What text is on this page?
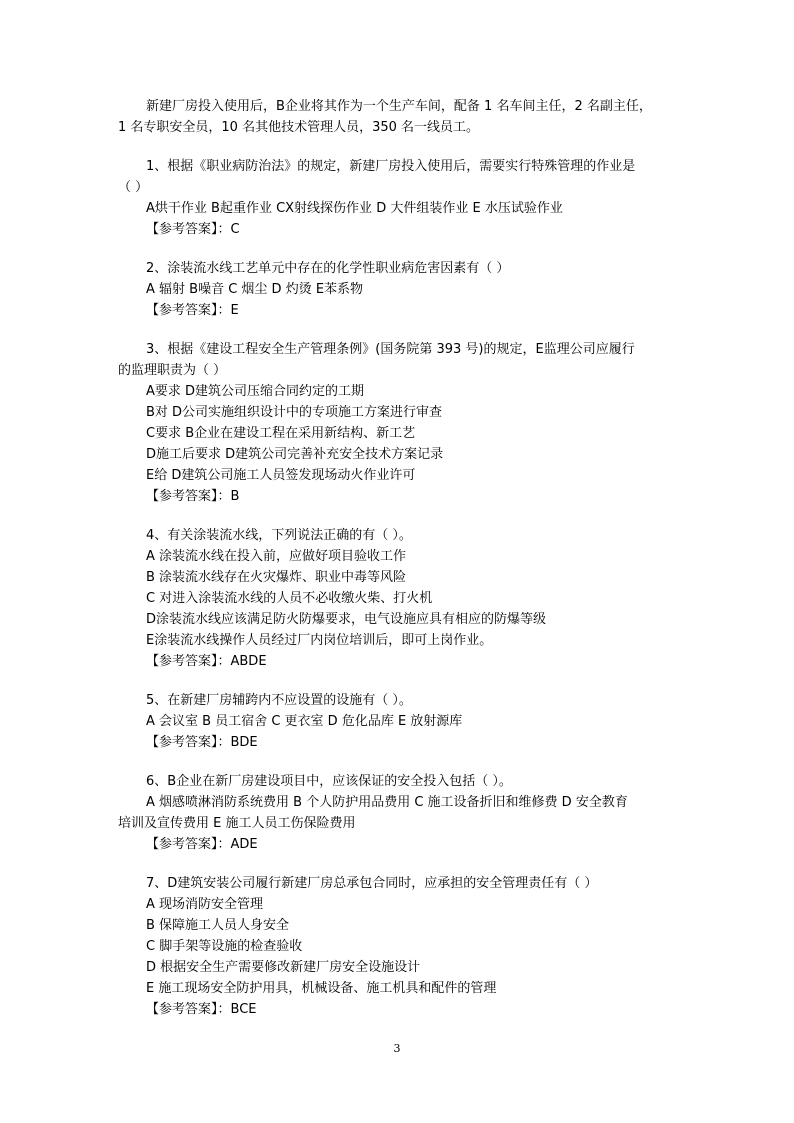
新建厂房投入使用后，B企业将其作为一个生产车间，配备 1 名车间主任，2 名副主任，
1 名专职安全员，10 名其他技术管理人员，350 名一线员工。
1、根据《职业病防治法》的规定，新建厂房投入使用后，需要实行特殊管理的作业是
（ ）
A烘干作业 B起重作业 CX射线探伤作业 D 大件组装作业 E 水压试验作业
【参考答案】：C
2、涂装流水线工艺单元中存在的化学性职业病危害因素有（ ）
A 辐射 B噪音 C 烟尘 D 灼烫 E苯系物
【参考答案】：E
3、根据《建设工程安全生产管理条例》(国务院第 393 号)的规定，E监理公司应履行
的监理职责为（ ）
A要求 D建筑公司压缩合同约定的工期
B对 D公司实施组织设计中的专项施工方案进行审查
C要求 B企业在建设工程在采用新结构、新工艺
D施工后要求 D建筑公司完善补充安全技术方案记录
E给 D建筑公司施工人员签发现场动火作业许可
【参考答案】：B
4、有关涂装流水线，下列说法正确的有（ ）。
A 涂装流水线在投入前，应做好项目验收工作
B 涂装流水线存在火灾爆炸、职业中毒等风险
C 对进入涂装流水线的人员不必收缴火柴、打火机
D涂装流水线应该满足防火防爆要求，电气设施应具有相应的防爆等级
E涂装流水线操作人员经过厂内岗位培训后，即可上岗作业。
【参考答案】：ABDE
5、在新建厂房辅跨内不应设置的设施有（ ）。
A 会议室 B 员工宿舍 C 更衣室 D 危化品库 E 放射源库
【参考答案】：BDE
6、B企业在新厂房建设项目中，应该保证的安全投入包括（ ）。
A 烟感喷淋消防系统费用 B 个人防护用品费用 C 施工设备折旧和维修费 D 安全教育
培训及宣传费用 E 施工人员工伤保险费用
【参考答案】：ADE
7、D建筑安装公司履行新建厂房总承包合同时，应承担的安全管理责任有（ ）
A 现场消防安全管理
B 保障施工人员人身安全
C 脚手架等设施的检查验收
D 根据安全生产需要修改新建厂房安全设施设计
E 施工现场安全防护用具，机械设备、施工机具和配件的管理
【参考答案】：BCE
3
